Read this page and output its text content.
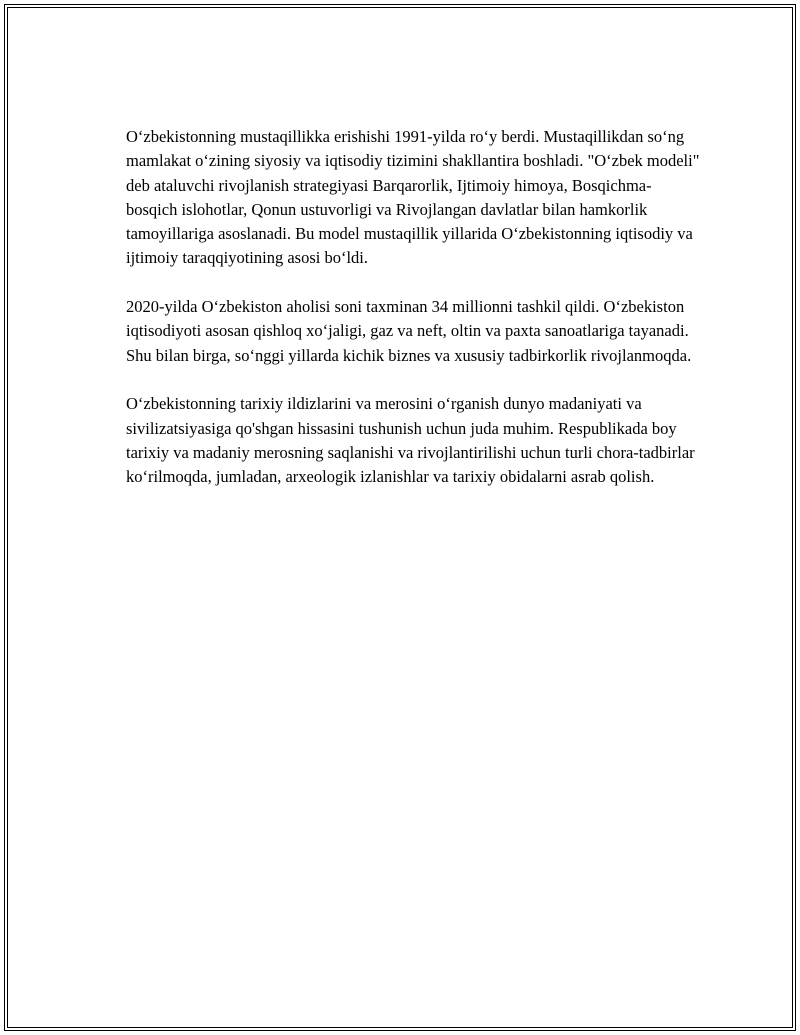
O‘zbekistonning mustaqillikka erishishi 1991-yilda ro‘y berdi. Mustaqillikdan so‘ng mamlakat o‘zining siyosiy va iqtisodiy tizimini shakllantira boshladi. "O‘zbek modeli" deb ataluvchi rivojlanish strategiyasi Barqarorlik, Ijtimoiy himoya, Bosqichma-bosqich islohotlar, Qonun ustuvorligi va Rivojlangan davlatlar bilan hamkorlik tamoyillariga asoslanadi. Bu model mustaqillik yillarida O‘zbekistonning iqtisodiy va ijtimoiy taraqqiyotining asosi bo‘ldi.

2020-yilda O‘zbekiston aholisi soni taxminan 34 millionni tashkil qildi. O‘zbekiston iqtisodiyoti asosan qishloq xo‘jaligi, gaz va neft, oltin va paxta sanoatlariga tayanadi. Shu bilan birga, so‘nggi yillarda kichik biznes va xususiy tadbirkorlik rivojlanmoqda.

O‘zbekistonning tarixiy ildizlarini va merosini o‘rganish dunyo madaniyati va sivilizatsiyasiga qo'shgan hissasini tushunish uchun juda muhim. Respublikada boy tarixiy va madaniy merosning saqlanishi va rivojlantirilishi uchun turli chora-tadbirlar ko‘rilmoqda, jumladan, arxeologik izlanishlar va tarixiy obidalarni asrab qolish.
